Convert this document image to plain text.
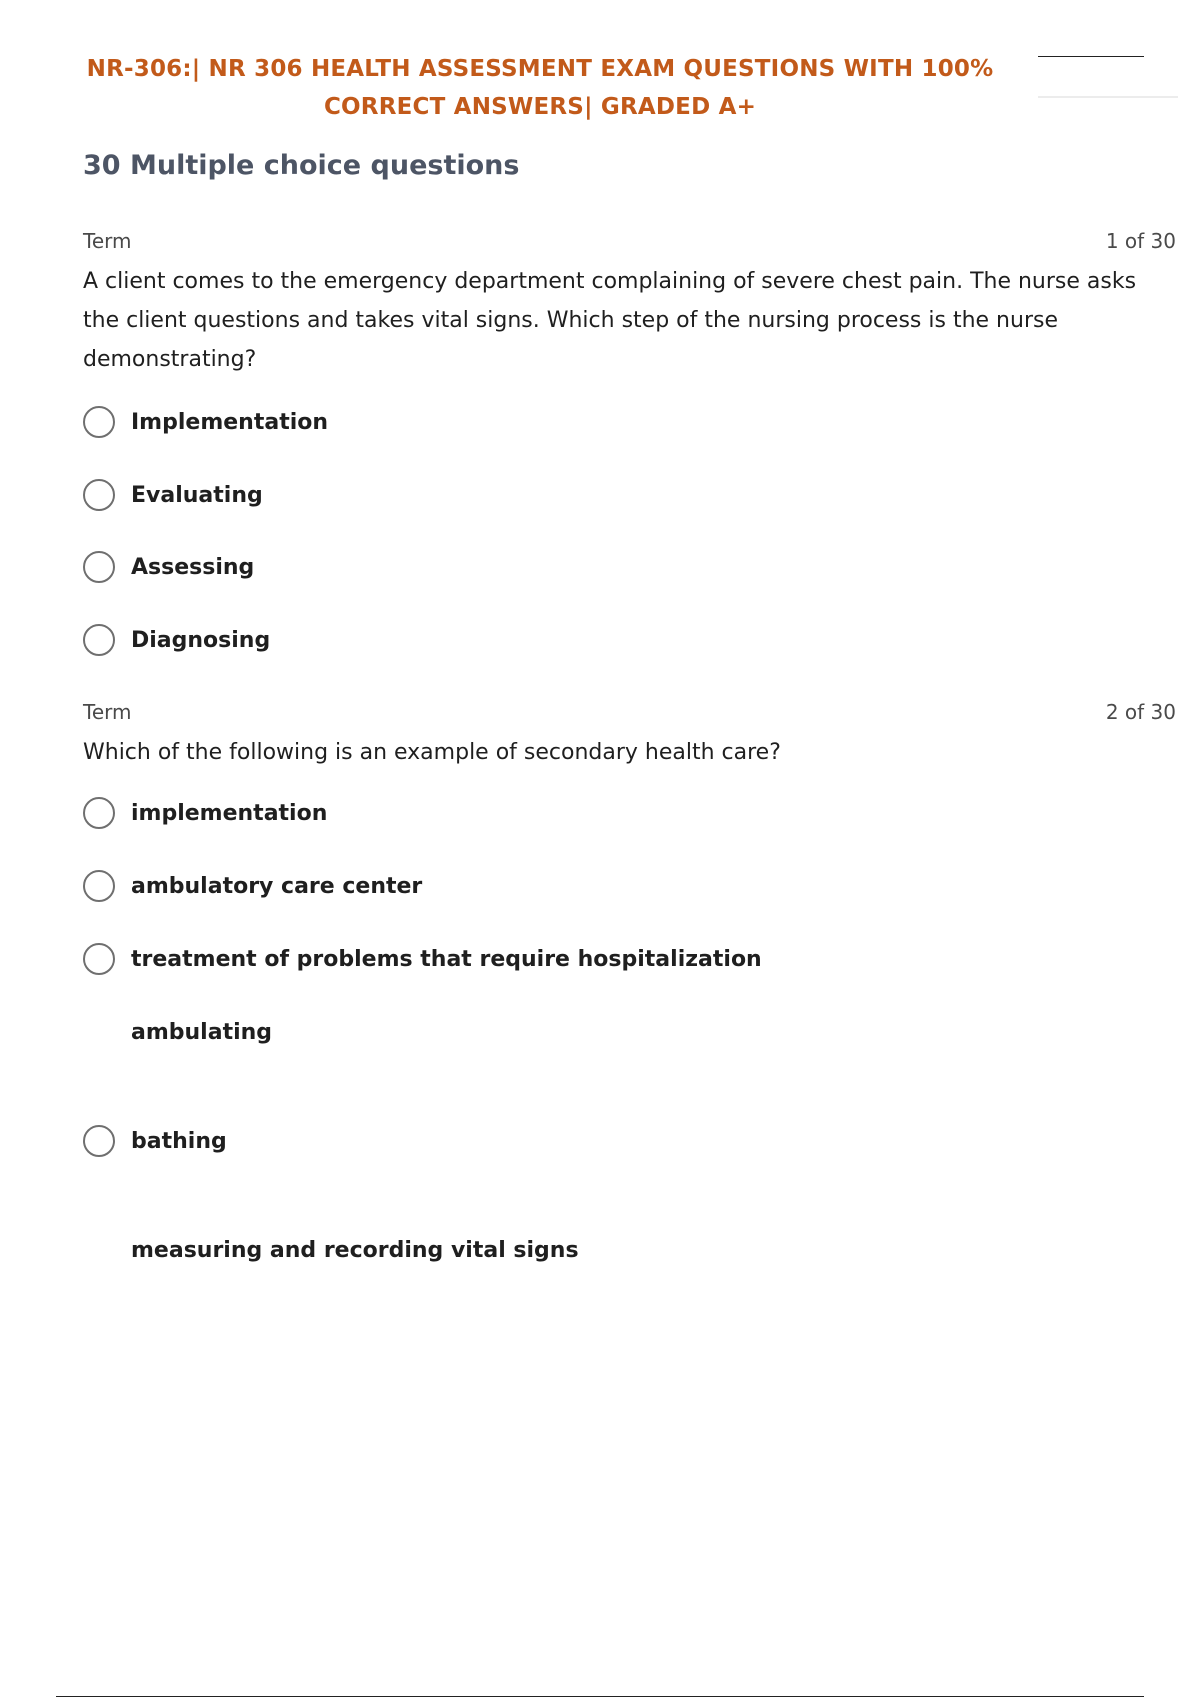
NR-306:| NR 306 HEALTH ASSESSMENT EXAM QUESTIONS WITH 100%
CORRECT ANSWERS| GRADED A+
30 Multiple choice questions
Term	1 of 30
A client comes to the emergency department complaining of severe chest pain. The nurse asks the client questions and takes vital signs. Which step of the nursing process is the nurse demonstrating?
Implementation
Evaluating
Assessing
Diagnosing
Term	2 of 30
Which of the following is an example of secondary health care?
implementation
ambulatory care center
treatment of problems that require hospitalization
ambulating
bathing
measuring and recording vital signs
